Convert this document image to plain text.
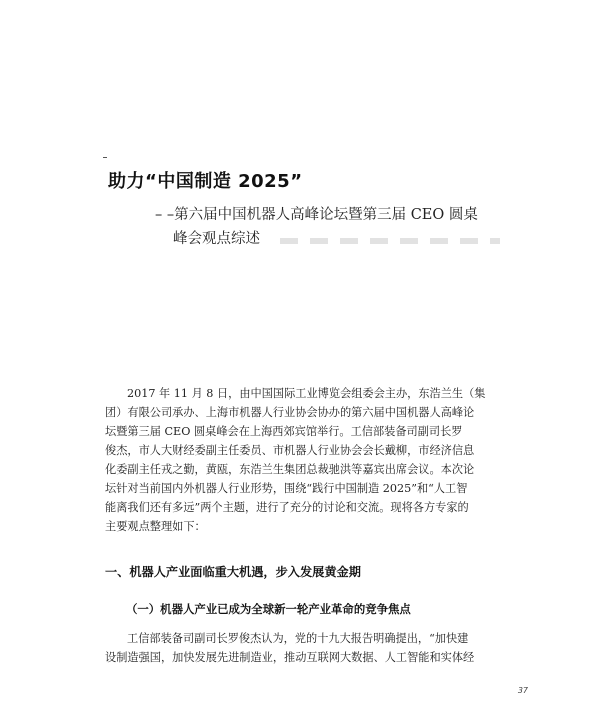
助力“中国制造 2025”

– –第六届中国机器人高峰论坛暨第三届 CEO 圆桌
峰会观点综述

2017 年 11 月 8 日，由中国国际工业博览会组委会主办，东浩兰生（集
团）有限公司承办、上海市机器人行业协会协办的第六届中国机器人高峰论
坛暨第三届 CEO 圆桌峰会在上海西郊宾馆举行。工信部装备司副司长罗
俊杰，市人大财经委副主任委员、市机器人行业协会会长戴柳，市经济信息
化委副主任戎之勤，黄瓯，东浩兰生集团总裁驰洪等嘉宾出席会议。本次论
坛针对当前国内外机器人行业形势，围绕“践行中国制造 2025”和“人工智
能离我们还有多远”两个主题，进行了充分的讨论和交流。现将各方专家的
主要观点整理如下：

一、机器人产业面临重大机遇，步入发展黄金期
（一）机器人产业已成为全球新一轮产业革命的竞争焦点

工信部装备司副司长罗俊杰认为，党的十九大报告明确提出，“加快建
设制造强国，加快发展先进制造业，推动互联网大数据、人工智能和实体经

37
